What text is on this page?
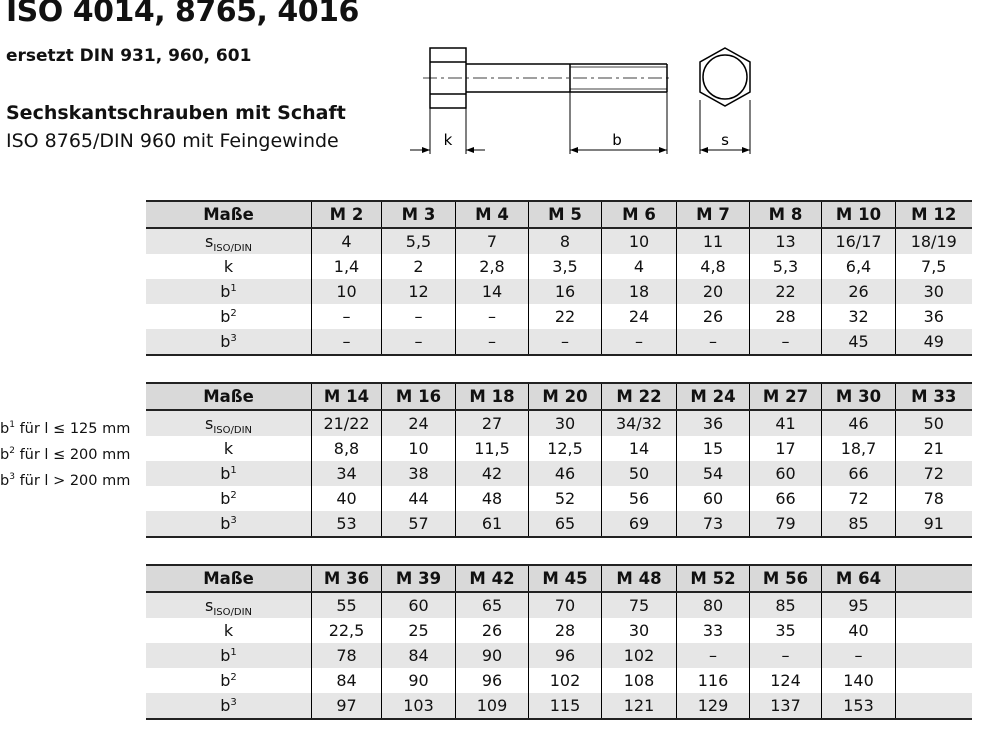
ISO 4014, 8765, 4016
ersetzt DIN 931, 960, 601
Sechskantschrauben mit Schaft
ISO 8765/DIN 960 mit Feingewinde	k	b	s
$b^1$ für l ≤ 125 mm
$b^2$ für l ≤ 200 mm
$b^3$ für l > 200 mm
Maße	M 2	M 3	M 4	M 5	M 6	M 7	M 8	M 10	M 12
$s_{ISO/DIN}$	4	5,5	7	8	10	11	13	16/17	18/19
k	1,4	2	2,8	3,5	4	4,8	5,3	6,4	7,5
$b^1$	10	12	14	16	18	20	22	26	30
$b^2$	–	–	–	22	24	26	28	32	36
$b^3$	–	–	–	–	–	–	–	45	49
Maße	M 14	M 16	M 18	M 20	M 22	M 24	M 27	M 30	M 33
$s_{ISO/DIN}$	21/22	24	27	30	34/32	36	41	46	50
k	8,8	10	11,5	12,5	14	15	17	18,7	21
$b^1$	34	38	42	46	50	54	60	66	72
$b^2$	40	44	48	52	56	60	66	72	78
$b^3$	53	57	61	65	69	73	79	85	91
Maße	M 36	M 39	M 42	M 45	M 48	M 52	M 56	M 64	
$s_{ISO/DIN}$	55	60	65	70	75	80	85	95	
k	22,5	25	26	28	30	33	35	40	
$b^1$	78	84	90	96	102	–	–	–	
$b^2$	84	90	96	102	108	116	124	140	
$b^3$	97	103	109	115	121	129	137	153	
